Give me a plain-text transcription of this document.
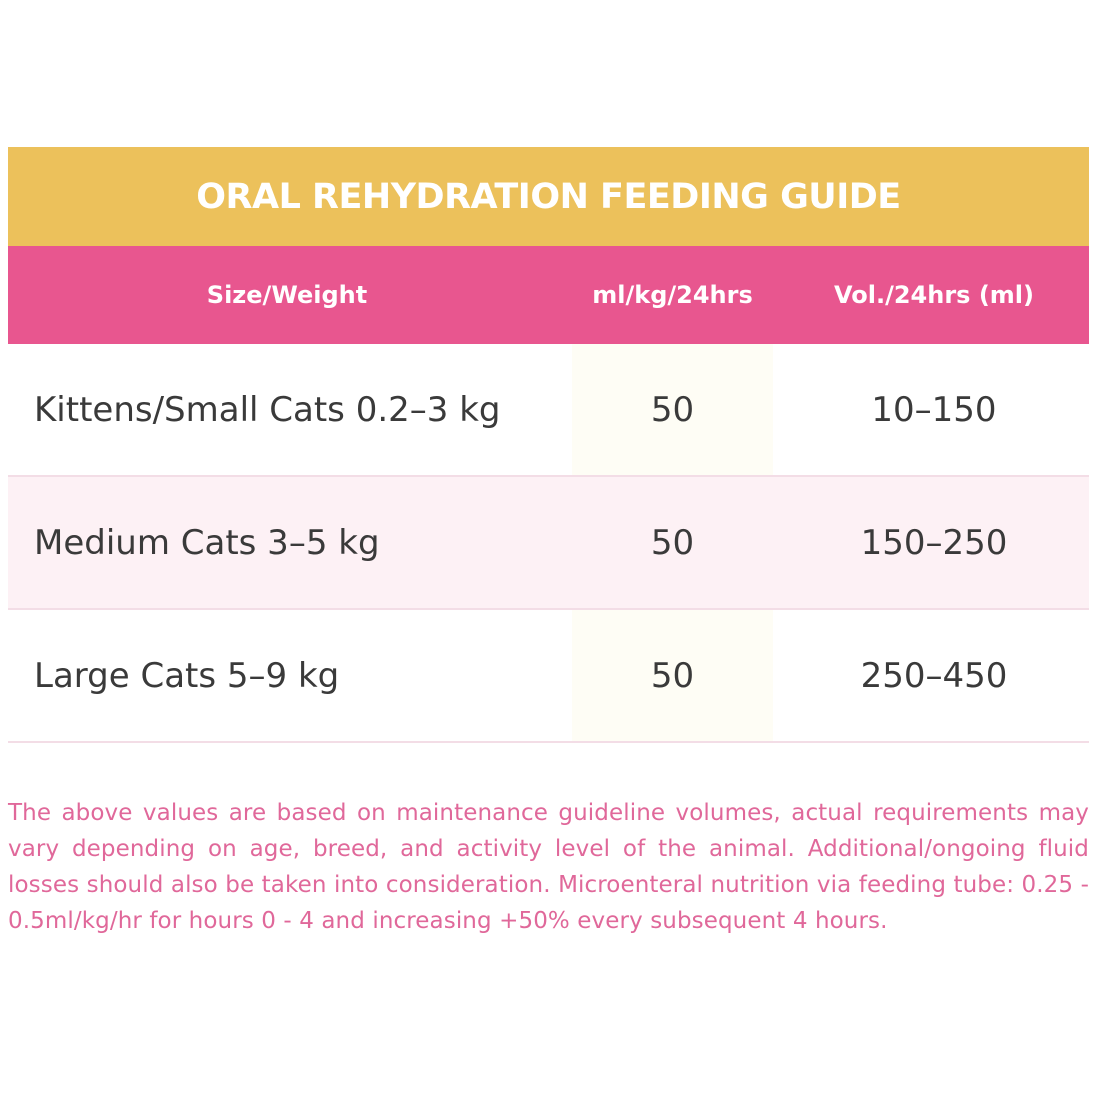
ORAL REHYDRATION FEEDING GUIDE
Size/Weight	ml/kg/24hrs	Vol./24hrs (ml)
Kittens/Small Cats 0.2–3 kg	50	10–150
Medium Cats 3–5 kg	50	150–250
Large Cats 5–9 kg	50	250–450

The above values are based on maintenance guideline volumes, actual requirements may vary depending on age, breed, and activity level of the animal. Additional/ongoing fluid losses should also be taken into consideration. Microenteral nutrition via feeding tube: 0.25 - 0.5ml/kg/hr for hours 0 - 4 and increasing +50% every subsequent 4 hours.
